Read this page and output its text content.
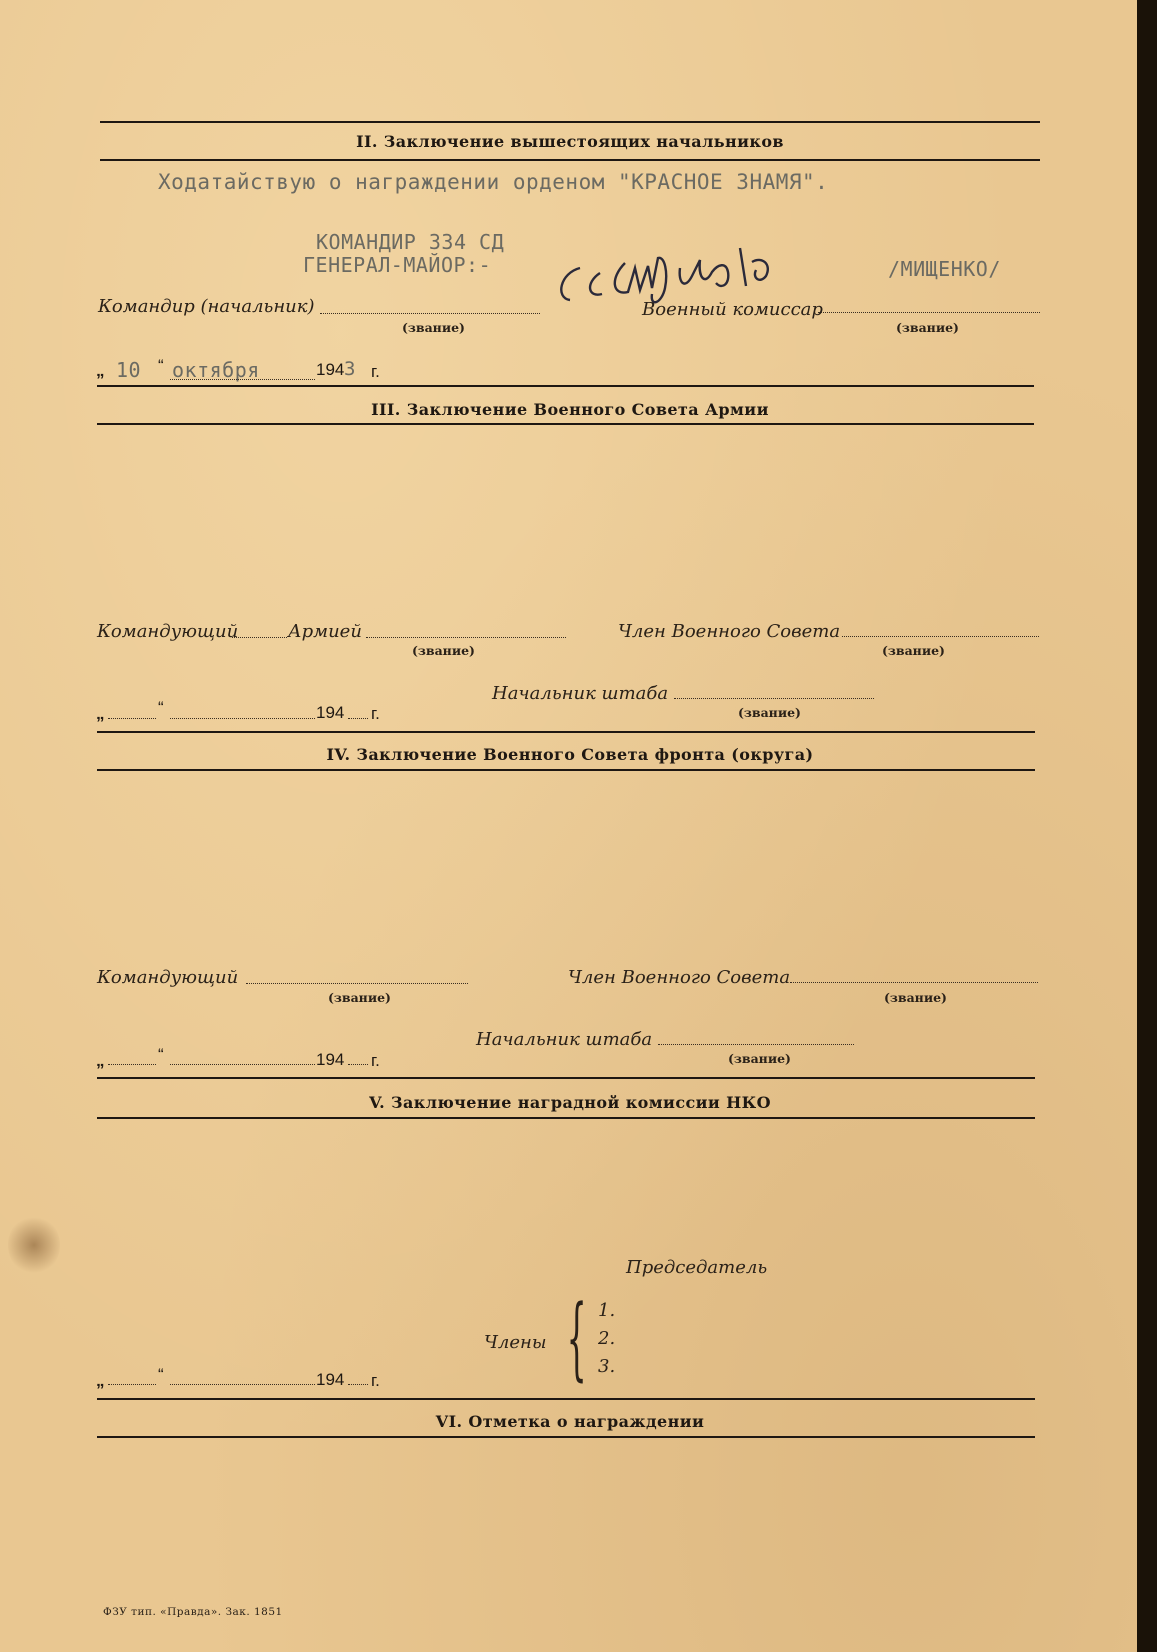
II. Заключение вышестоящих начальников
Ходатайствую о награждении орденом "КРАСНОЕ ЗНАМЯ".
КОМАНДИР 334 СД
ГЕНЕРАЛ-МАЙОР:-	/МИЩЕНКО/
Командир (начальник)
(звание)
Военный комиссар
(звание)
„ 10 “ октября	194 3 г.
III. Заключение Военного Совета Армии
Командующий	Армией
(звание)
Член Военного Совета
(звание)
Начальник штаба
(звание)
„	“	194 г.
IV. Заключение Военного Совета фронта (округа)
Командующий
(звание)
Член Военного Совета
(звание)
Начальник штаба
(звание)
„	“	194 г.
V. Заключение наградной комиссии НКО
Председатель
Члены { 1.
2.
3.
„	“	194 г.
VI. Отметка о награждении
ФЗУ тип. «Правда». Зак. 1851
